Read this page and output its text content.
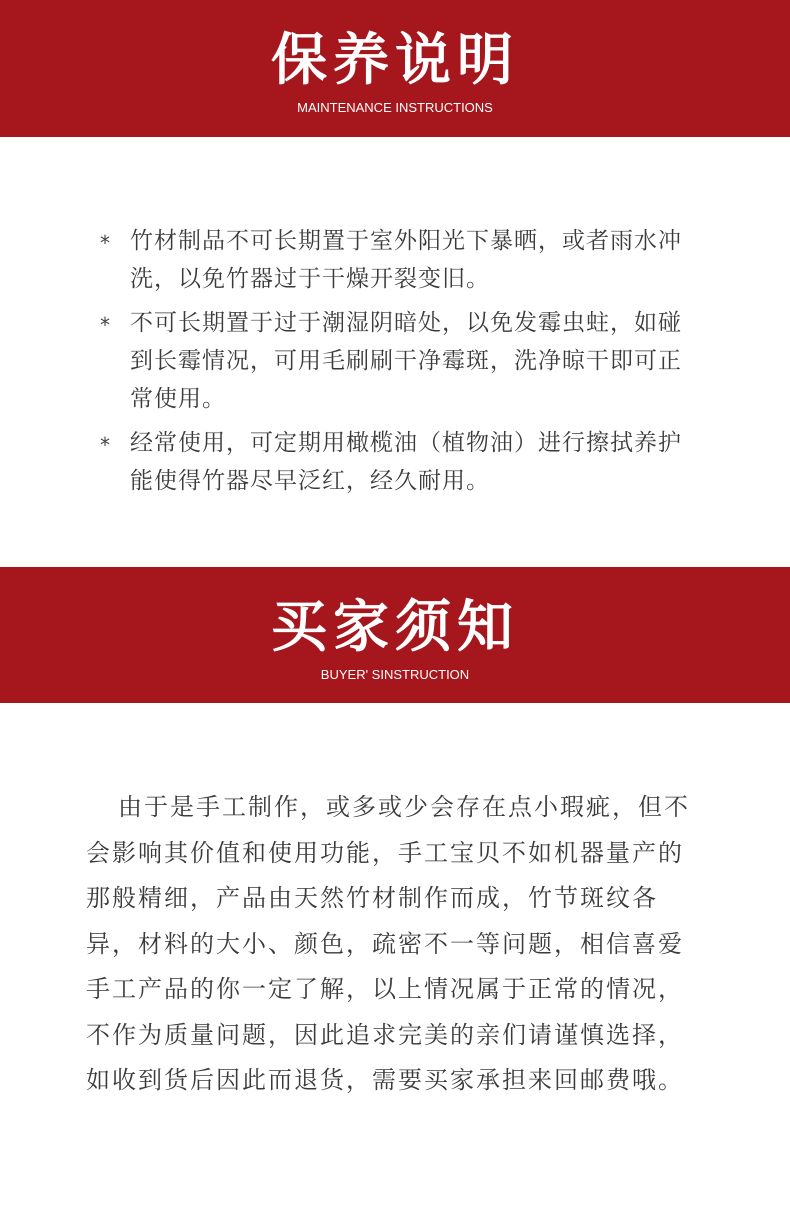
保养说明
MAINTENANCE INSTRUCTIONS
* 竹材制品不可长期置于室外阳光下暴晒，或者雨水冲洗，以免竹器过于干燥开裂变旧。
* 不可长期置于过于潮湿阴暗处，以免发霉虫蛀，如碰到长霉情况，可用毛刷刷干净霉斑，洗净晾干即可正常使用。
* 经常使用，可定期用橄榄油（植物油）进行擦拭养护能使得竹器尽早泛红，经久耐用。
买家须知
BUYER' SINSTRUCTION

由于是手工制作，或多或少会存在点小瑕疵，但不会影响其价值和使用功能，手工宝贝不如机器量产的那般精细，产品由天然竹材制作而成，竹节斑纹各异，材料的大小、颜色，疏密不一等问题，相信喜爱手工产品的你一定了解，以上情况属于正常的情况，不作为质量问题，因此追求完美的亲们请谨慎选择，如收到货后因此而退货，需要买家承担来回邮费哦。
